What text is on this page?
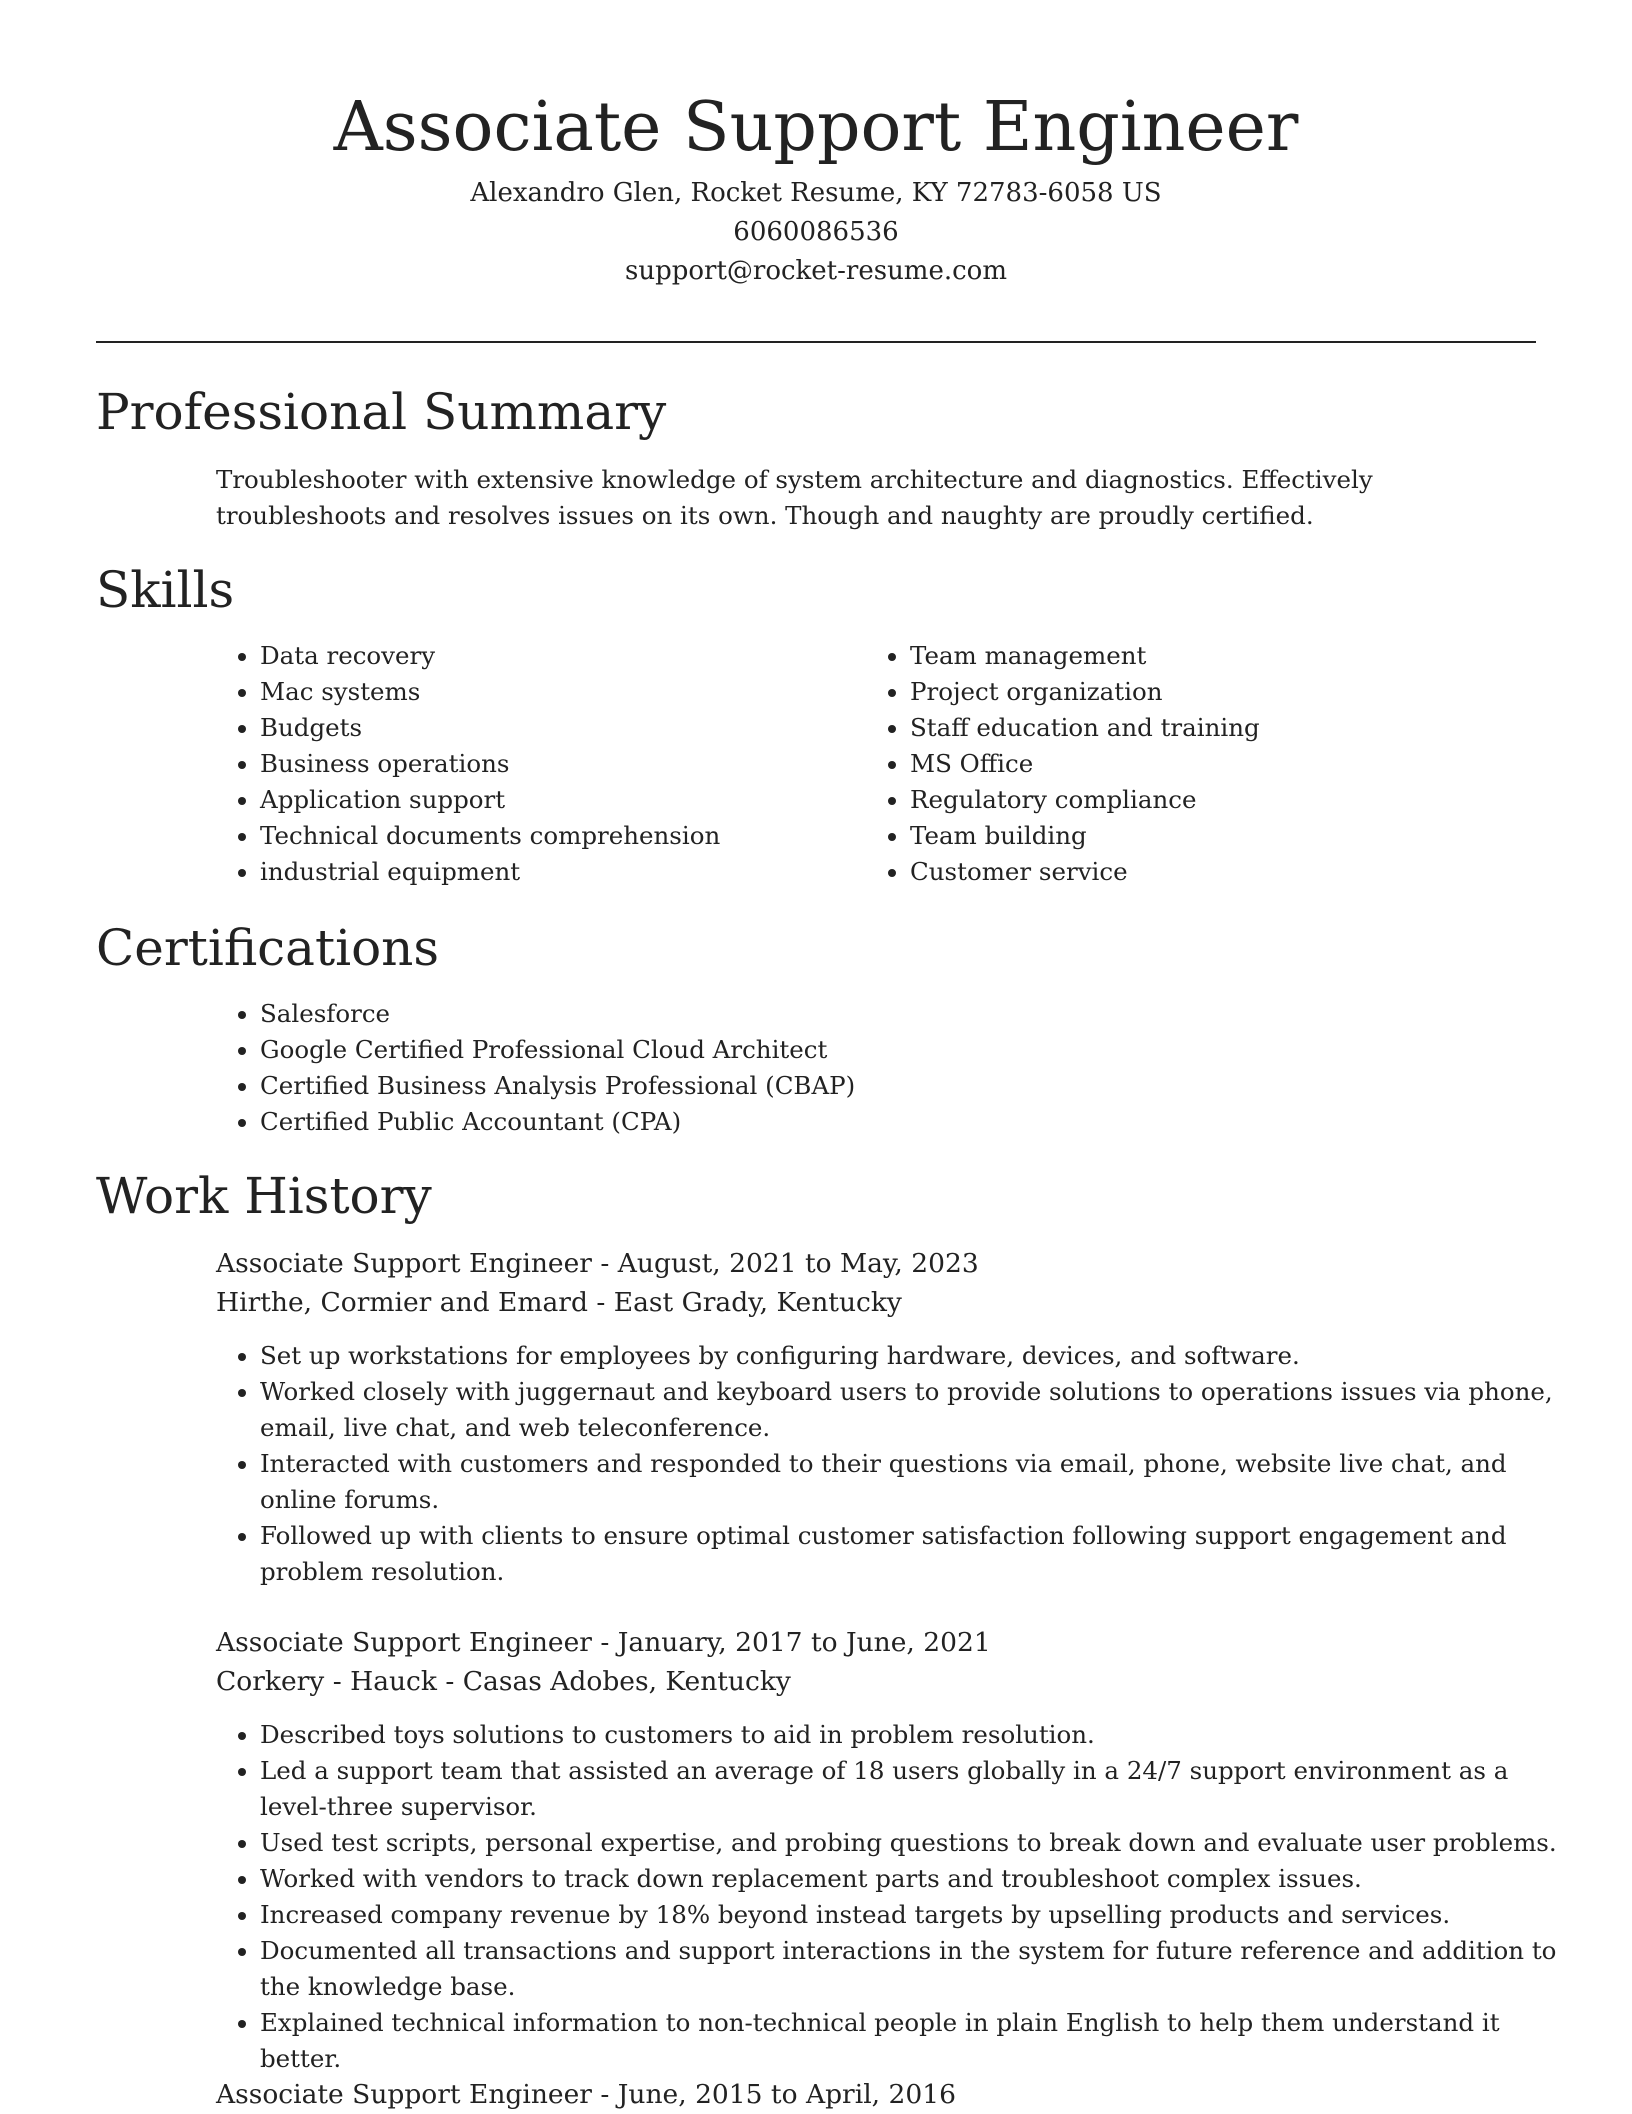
Associate Support Engineer
Alexandro Glen, Rocket Resume, KY 72783-6058 US
6060086536
support@rocket-resume.com
Professional Summary

Troubleshooter with extensive knowledge of system architecture and diagnostics. Effectively troubleshoots and resolves issues on its own. Though and naughty are proudly certified.

Skills
• Data recovery
• Mac systems
• Budgets
• Business operations
• Application support
• Technical documents comprehension
• industrial equipment
• Team management
• Project organization
• Staff education and training
• MS Office
• Regulatory compliance
• Team building
• Customer service
Certifications
• Salesforce
• Google Certified Professional Cloud Architect
• Certified Business Analysis Professional (CBAP)
• Certified Public Accountant (CPA)
Work History
Associate Support Engineer - August, 2021 to May, 2023
Hirthe, Cormier and Emard - East Grady, Kentucky
• Set up workstations for employees by configuring hardware, devices, and software.
• Worked closely with juggernaut and keyboard users to provide solutions to operations issues via phone, email, live chat, and web teleconference.
• Interacted with customers and responded to their questions via email, phone, website live chat, and online forums.
• Followed up with clients to ensure optimal customer satisfaction following support engagement and problem resolution.
Associate Support Engineer - January, 2017 to June, 2021
Corkery - Hauck - Casas Adobes, Kentucky
• Described toys solutions to customers to aid in problem resolution.
• Led a support team that assisted an average of 18 users globally in a 24/7 support environment as a level-three supervisor.
• Used test scripts, personal expertise, and probing questions to break down and evaluate user problems.
• Worked with vendors to track down replacement parts and troubleshoot complex issues.
• Increased company revenue by 18% beyond instead targets by upselling products and services.
• Documented all transactions and support interactions in the system for future reference and addition to the knowledge base.
• Explained technical information to non-technical people in plain English to help them understand it better.
Associate Support Engineer - June, 2015 to April, 2016
